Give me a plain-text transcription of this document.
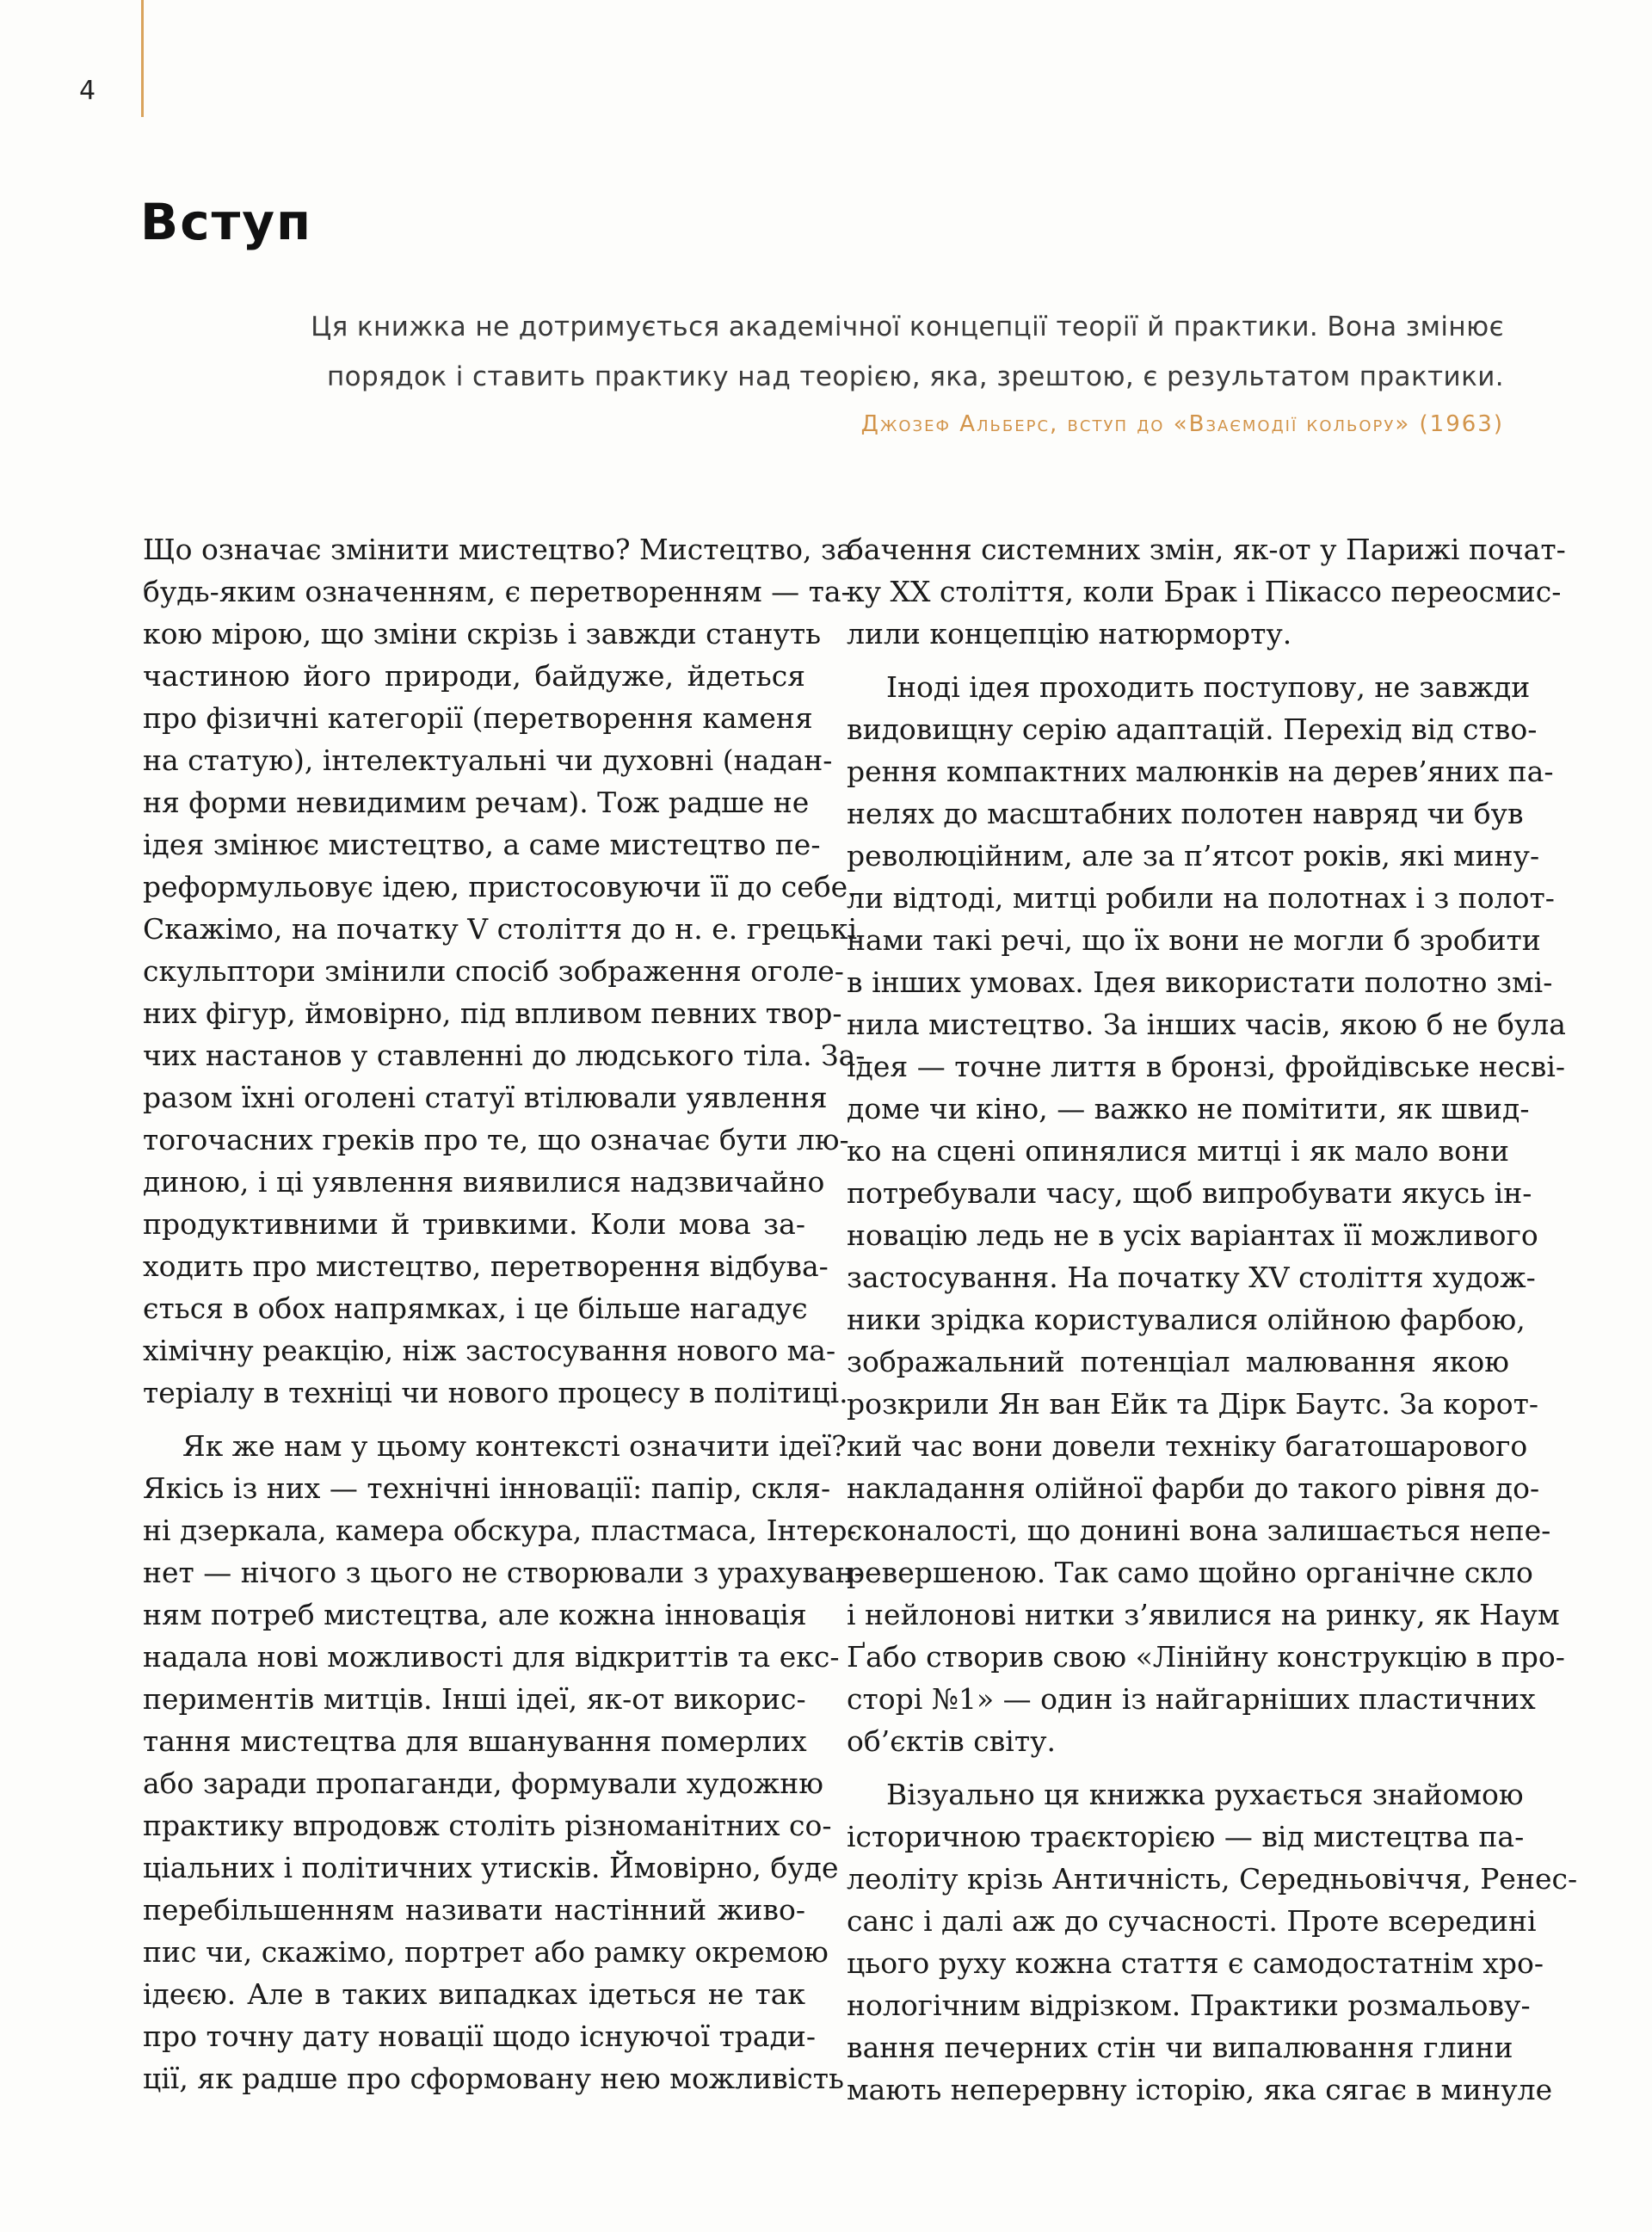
4
Вступ
Ця книжка не дотримується академічної концепції теорії й практики. Вона змінює
порядок і ставить практику над теорією, яка, зрештою, є результатом практики.
Джозеф Альберс, вступ до «Взаємодії кольору» (1963)
Що означає змінити мистецтво? Мистецтво, за
будь-яким означенням, є перетворенням — та-
кою мірою, що зміни скрізь і завжди стануть
частиною його природи, байдуже, йдеться
про фізичні категорії (перетворення каменя
на статую), інтелектуальні чи духовні (надан-
ня форми невидимим речам). Тож радше не
ідея змінює мистецтво, а саме мистецтво пе-
реформульовує ідею, пристосовуючи її до себе.
Скажімо, на початку V століття до н. е. грецькі
скульптори змінили спосіб зображення оголе-
них фігур, ймовірно, під впливом певних твор-
чих настанов у ставленні до людського тіла. За-
разом їхні оголені статуї втілювали уявлення
тогочасних греків про те, що означає бути лю-
диною, і ці уявлення виявилися надзвичайно
продуктивними й тривкими. Коли мова за-
ходить про мистецтво, перетворення відбува-
ється в обох напрямках, і це більше нагадує
хімічну реакцію, ніж застосування нового ма-
теріалу в техніці чи нового процесу в політиці.
Як же нам у цьому контексті означити ідеї?
Якісь із них — технічні інновації: папір, скля-
ні дзеркала, камера обскура, пластмаса, Інтер-
нет — нічого з цього не створювали з урахуван-
ням потреб мистецтва, але кожна інновація
надала нові можливості для відкриттів та екс-
периментів митців. Інші ідеї, як-от викорис-
тання мистецтва для вшанування померлих
або заради пропаганди, формували художню
практику впродовж століть різноманітних со-
ціальних і політичних утисків. Ймовірно, буде
перебільшенням називати настінний живо-
пис чи, скажімо, портрет або рамку окремою
ідеєю. Але в таких випадках ідеться не так
про точну дату новації щодо існуючої тради-
ції, як радше про сформовану нею можливість
бачення системних змін, як-от у Парижі почат-
ку XX століття, коли Брак і Пікассо переосмис-
лили концепцію натюрморту.
Іноді ідея проходить поступову, не завжди
видовищну серію адаптацій. Перехід від ство-
рення компактних малюнків на дерев’яних па-
нелях до масштабних полотен навряд чи був
революційним, але за п’ятсот років, які мину-
ли відтоді, митці робили на полотнах і з полот-
нами такі речі, що їх вони не могли б зробити
в інших умовах. Ідея використати полотно змі-
нила мистецтво. За інших часів, якою б не була
ідея — точне лиття в бронзі, фройдівське несві-
доме чи кіно, — важко не помітити, як швид-
ко на сцені опинялися митці і як мало вони
потребували часу, щоб випробувати якусь ін-
новацію ледь не в усіх варіантах її можливого
застосування. На початку XV століття худож-
ники зрідка користувалися олійною фарбою,
зображальний потенціал малювання якою
розкрили Ян ван Ейк та Дірк Баутс. За корот-
кий час вони довели техніку багатошарового
накладання олійної фарби до такого рівня до-
сконалості, що донині вона залишається непе-
ревершеною. Так само щойно органічне скло
і нейлонові нитки з’явилися на ринку, як Наум
Ґабо створив свою «Лінійну конструкцію в про-
сторі №1» — один із найгарніших пластичних
об’єктів світу.
Візуально ця книжка рухається знайомою
історичною траєкторією — від мистецтва па-
леоліту крізь Античність, Середньовіччя, Ренес-
санс і далі аж до сучасності. Проте всередині
цього руху кожна стаття є самодостатнім хро-
нологічним відрізком. Практики розмальову-
вання печерних стін чи випалювання глини
мають неперервну історію, яка сягає в минуле
